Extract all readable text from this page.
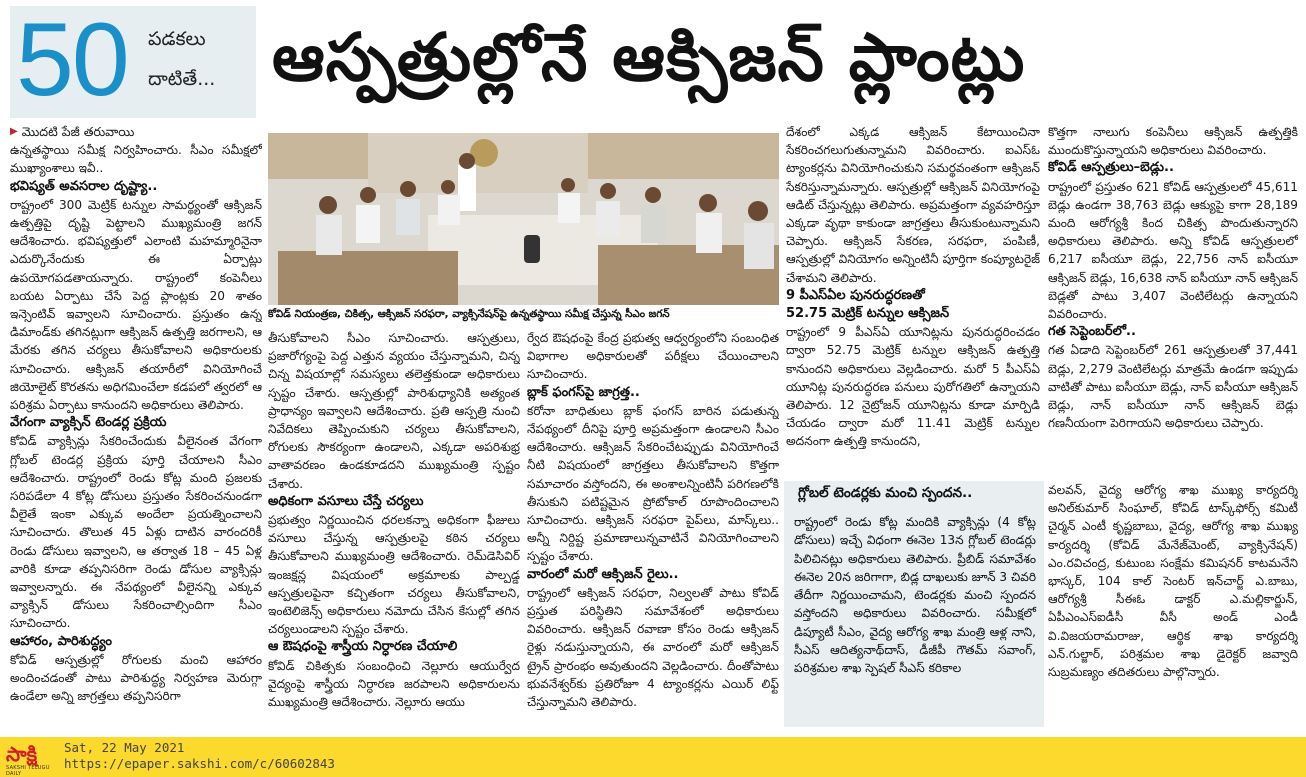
50 పడకలు
దాటితే... ఆస్పత్రుల్లోనే ఆక్సిజన్ ప్లాంట్లు

▶ మొదటి పేజీ తరువాయి

ఉన్నతస్థాయి సమీక్ష నిర్వహించారు. సీఎం సమీక్షలో ముఖ్యాంశాలు ఇవీ..

భవిష్యత్ అవసరాల దృష్ట్యా..

రాష్ట్రంలో 300 మెట్రిక్ టన్నుల సామర్థ్యంతో ఆక్సిజన్ ఉత్పత్తిపై దృష్టి పెట్టాలని ముఖ్యమంత్రి జగన్ ఆదేశించారు. భవిష్యత్తులో ఎలాంటి మహమ్మారినైనా ఎదుర్కొనేందుకు ఈ ఏర్పాట్లు ఉపయోగపడతాయన్నారు. రాష్ట్రంలో కంపెనీలు బయట ఏర్పాటు చేసే పెద్ద ప్లాంట్లకు 20 శాతం ఇన్సెంటివ్ ఇవ్వాలని సూచించారు. ప్రస్తుతం ఉన్న డిమాండ్‌కు తగినట్లుగా ఆక్సిజన్ ఉత్పత్తి జరగాలని, ఆ మేరకు తగిన చర్యలు తీసుకోవాలని అధికారులకు సూచించారు. ఆక్సిజన్ తయారీలో వినియోగించే జియోలైట్ కొరతను అధిగమించేలా కడపలో త్వరలో ఆ పరిశ్రమ ఏర్పాటు కానుందని అధికారులు తెలిపారు.

వేగంగా వ్యాక్సిన్ టెండర్ల ప్రక్రియ

కోవిడ్ వ్యాక్సిన్లు సేకరించేందుకు వీలైనంత వేగంగా గ్లోబల్ టెండర్ల ప్రక్రియ పూర్తి చేయాలని సీఎం ఆదేశించారు. రాష్ట్రంలో రెండు కోట్ల మంది ప్రజలకు సరిపడేలా 4 కోట్ల డోసులు ప్రస్తుతం సేకరించనుండగా వీలైతే ఇంకా ఎక్కువ అందేలా ప్రయత్నించాలని సూచించారు. తొలుత 45 ఏళ్లు దాటిన వారందరికీ రెండు డోసులు ఇవ్వాలని, ఆ తర్వాత 18 – 45 ఏళ్ల వారికి కూడా తప్పనిసరిగా రెండు డోసుల వ్యాక్సిన్లు ఇవ్వాలన్నారు. ఈ నేపథ్యంలో వీలైనన్ని ఎక్కువ వ్యాక్సిన్ డోసులు సేకరించాల్సిందిగా సీఎం సూచించారు.

ఆహారం, పారిశుద్ధ్యం

కోవిడ్ ఆస్పత్రుల్లో రోగులకు మంచి ఆహారం అందించడంతో పాటు పారిశుద్ధ్య నిర్వహణ మెరుగ్గా ఉండేలా అన్ని జాగ్రత్తలు తప్పనిసరిగా

కోవిడ్ నియంత్రణ, చికిత్స, ఆక్సిజన్ సరఫరా, వ్యాక్సినేషన్‌పై ఉన్నతస్థాయి సమీక్ష చేస్తున్న సీఎం జగన్

తీసుకోవాలని సీఎం సూచించారు. ఆస్పత్రులు, ప్రజారోగ్యంపై పెద్ద ఎత్తున వ్యయం చేస్తున్నామని, చిన్న చిన్న విషయాల్లో సమస్యలు తలెత్తకుండా అధికారులు స్పష్టం చేశారు. ఆస్పత్రుల్లో పారిశుధ్యానికి అత్యంత ప్రాధాన్యం ఇవ్వాలని ఆదేశించారు. ప్రతి ఆస్పత్రి నుంచి నివేదికలు తెప్పించుకుని చర్యలు తీసుకోవాలని, రోగులకు సౌకర్యంగా ఉండాలని, ఎక్కడా అపరిశుభ్ర వాతావరణం ఉండకూడదని ముఖ్యమంత్రి స్పష్టం చేశారు.

అధికంగా వసూలు చేస్తే చర్యలు

ప్రభుత్వం నిర్ణయించిన ధరలకన్నా అధికంగా ఫీజులు వసూలు చేస్తున్న ఆస్పత్రులపై కఠిన చర్యలు తీసుకోవాలని ముఖ్యమంత్రి ఆదేశించారు. రెమ్‌డెసివిర్ ఇంజక్షన్ల విషయంలో అక్రమాలకు పాల్పడ్డ ఆస్పత్రులపైనా కచ్చితంగా చర్యలు తీసుకోవాలని, ఇంటెలిజెన్స్ అధికారులు నమోదు చేసిన కేసుల్లో తగిన చర్యలుండాలని స్పష్టం చేశారు.

ఆ ఔషధంపై శాస్త్రీయ నిర్ధారణ చేయాలి

కోవిడ్ చికిత్సకు సంబంధించి నెల్లూరు ఆయుర్వేద వైద్యంపై శాస్త్రీయ నిర్ధారణ జరపాలని అధికారులను ముఖ్యమంత్రి ఆదేశించారు. నెల్లూరు ఆయు

ర్వేద ఔషధంపై కేంద్ర ప్రభుత్వ ఆధ్వర్యంలోని సంబంధిత విభాగాల అధికారులతో పరీక్షలు చేయించాలని సూచించారు.

బ్లాక్ ఫంగస్‌పై జాగ్రత్త..

కరోనా బాధితులు బ్లాక్ ఫంగస్ బారిన పడుతున్న నేపథ్యంలో దీనిపై పూర్తి అప్రమత్తంగా ఉండాలని సీఎం ఆదేశించారు. ఆక్సిజన్ సేకరించేటప్పుడు వినియోగించే నీటి విషయంలో జాగ్రత్తలు తీసుకోవాలని కొత్తగా సమాచారం వస్తోందని, ఈ అంశాలన్నింటినీ పరిగణలోకి తీసుకుని పటిష్టమైన ప్రోటోకాల్ రూపొందించాలని సూచించారు. ఆక్సిజన్ సరఫరా పైప్‌లు, మాస్క్‌లు.. అన్నీ నిర్దిష్ట ప్రమాణాలున్నవాటినే వినియోగించాలని స్పష్టం చేశారు.

వారంలో మరో ఆక్సిజన్ రైలు..

రాష్ట్రంలో ఆక్సిజన్ సరఫరా, నిల్వలతో పాటు కోవిడ్ ప్రస్తుత పరిస్థితిని సమావేశంలో అధికారులు వివరించారు. ఆక్సిజన్ రవాణా కోసం రెండు ఆక్సిజన్ రైళ్లు నడుస్తున్నాయని, ఈ వారంలో మరో ఆక్సిజన్ ట్రైన్ ప్రారంభం అవుతుందని వెల్లడించారు. దీంతోపాటు భువనేశ్వర్‌కు ప్రతిరోజూ 4 ట్యాంకర్లను ఎయిర్ లిఫ్ట్ చేస్తున్నామని తెలిపారు.

దేశంలో ఎక్కడ ఆక్సిజన్ కేటాయించినా సేకరించగలుగుతున్నామని వివరించారు. ఐఎస్‌ఓ ట్యాంకర్లను వినియోగించుకుని సమర్థవంతంగా ఆక్సిజన్ సేకరిస్తున్నామన్నారు. ఆస్పత్రుల్లో ఆక్సిజన్ వినియోగంపై ఆడిట్ చేస్తున్నట్లు తెలిపారు. అప్రమత్తంగా వ్యవహరిస్తూ ఎక్కడా వృథా కాకుండా జాగ్రత్తలు తీసుకుంటున్నామని చెప్పారు. ఆక్సిజన్ సేకరణ, సరఫరా, పంపిణీ, ఆస్పత్రుల్లో వినియోగం అన్నింటినీ పూర్తిగా కంప్యూటరైజ్ చేశామని తెలిపారు.

9 పీఎస్ఏల పునరుద్ధరణతో

52.75 మెట్రిక్ టన్నుల ఆక్సిజన్

రాష్ట్రంలో 9 పీఎస్ఏ యూనిట్లను పునరుద్ధరించడం ద్వారా 52.75 మెట్రిక్ టన్నుల ఆక్సిజన్ ఉత్పత్తి కానుందని అధికారులు వెల్లడించారు. మరో 5 పీఎస్ఏ యూనిట్ల పునరుద్ధరణ పనులు పురోగతిలో ఉన్నాయని తెలిపారు. 12 నైట్రోజన్ యూనిట్లను కూడా మార్పిడి చేయడం ద్వారా మరో 11.41 మెట్రిక్ టన్నుల అదనంగా ఉత్పత్తి కానుందని,

గ్లోబల్ టెండర్లకు మంచి స్పందన..
రాష్ట్రంలో రెండు కోట్ల మందికి వ్యాక్సిన్లు (4 కోట్ల డోసులు) ఇచ్చే విధంగా ఈనెల 13న గ్లోబల్ టెండర్లు పిలిచినట్లు అధికారులు తెలిపారు. ప్రీబిడ్ సమావేశం ఈనెల 20న జరిగాగా, బిడ్ల దాఖలుకు జూన్ 3 చివరి తేదీగా నిర్ణయించామని, టెండర్లకు మంచి స్పందన వస్తోందని అధికారులు వివరించారు. సమీక్షలో డిప్యూటీ సీఎం, వైద్య ఆరోగ్య శాఖ మంత్రి ఆళ్ల నాని, సీఎస్ ఆదిత్యనాథ్‌దాస్, డీజీపీ గౌతమ్ సవాంగ్, పరిశ్రమల శాఖ స్పెషల్ సీఎస్ కరికాల

కొత్తగా నాలుగు కంపెనీలు ఆక్సిజన్ ఉత్పత్తికి ముందుకొస్తున్నాయని అధికారులు వివరించారు.

కోవిడ్ ఆస్పత్రులు–బెడ్లు..

రాష్ట్రంలో ప్రస్తుతం 621 కోవిడ్ ఆస్పత్రులలో 45,611 బెడ్లు ఉండగా 38,763 బెడ్లు ఆక్యుపై కాగా 28,189 మంది ఆరోగ్యశ్రీ కింద చికిత్స పొందుతున్నారని అధికారులు తెలిపారు. అన్ని కోవిడ్ ఆస్పత్రులలో 6,217 ఐసీయూ బెడ్లు, 22,756 నాన్ ఐసీయూ ఆక్సిజన్ బెడ్లు, 16,638 నాన్ ఐసీయూ నాన్ ఆక్సిజన్ బెడ్లతో పాటు 3,407 వెంటిలేటర్లు ఉన్నాయని వివరించారు.

గత సెప్టెంబర్‌లో..

గత ఏడాది సెప్టెంబర్‌లో 261 ఆస్పత్రులతో 37,441 బెడ్లు, 2,279 వెంటిలేటర్లు మాత్రమే ఉండగా ఇప్పుడు వాటితో పాటు ఐసీయూ బెడ్లు, నాన్ ఐసీయూ ఆక్సిజన్ బెడ్లు, నాన్ ఐసీయూ నాన్ ఆక్సిజన్ బెడ్లు గణనీయంగా పెరిగాయని అధికారులు చెప్పారు.

వలవన్, వైద్య ఆరోగ్య శాఖ ముఖ్య కార్యదర్శి అనిల్‌కుమార్ సింఘాల్, కోవిడ్ టాస్క్‌ఫోర్స్ కమిటీ చైర్మన్ ఎంటీ కృష్ణబాబు, వైద్య, ఆరోగ్య శాఖ ముఖ్య కార్యదర్శి (కోవిడ్ మేనేజ్‌మెంట్, వ్యాక్సినేషన్) ఎం.రవిచంద్ర, కుటుంబ సంక్షేమ కమిషనర్ కాటమనేని భాస్కర్, 104 కాల్ సెంటర్ ఇన్‌చార్జ్ ఎ.బాబు, ఆరోగ్యశ్రీ సీఈఓ డాక్టర్ ఎ.మల్లికార్జున్, ఏపీఎంఎస్ఐడీసీ వీసీ అండ్ ఎండీ వి.విజయరామరాజు, ఆర్థిక శాఖ కార్యదర్శి ఎన్.గుల్జార్, పరిశ్రమల శాఖ డైరెక్టర్ జవ్వాది సుబ్రమణ్యం తదితరులు పాల్గొన్నారు.

సాక్షి
SAKSHI TELUGU DAILY
Sat, 22 May 2021
https://epaper.sakshi.com/c/60602843
